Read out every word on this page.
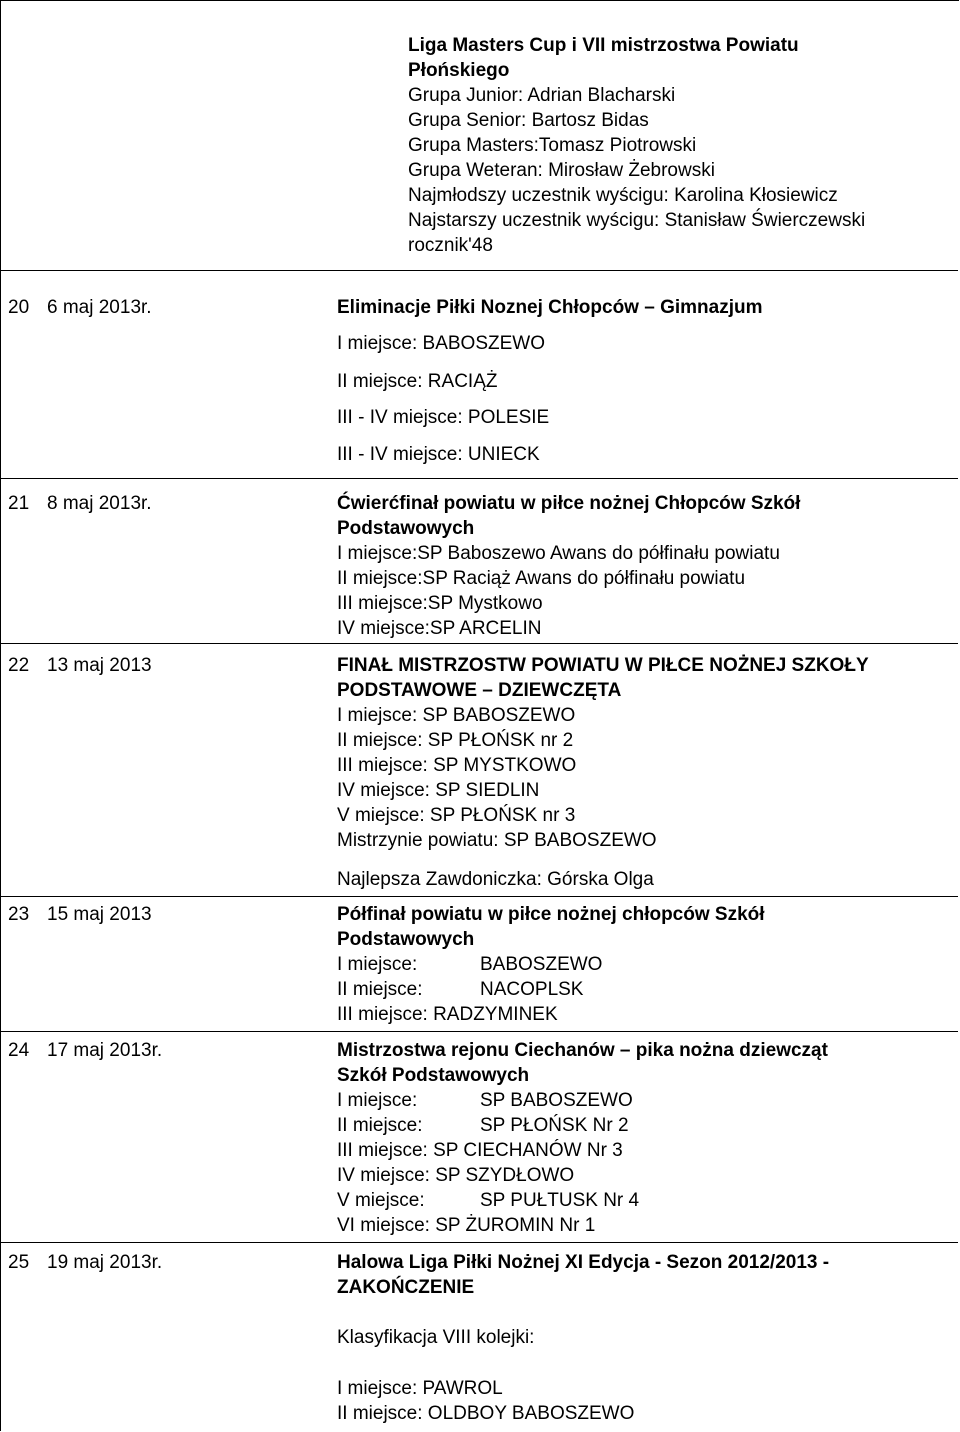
Liga Masters Cup i VII mistrzostwa Powiatu
Płońskiego
Grupa Junior: Adrian Blacharski
Grupa Senior: Bartosz Bidas
Grupa Masters:Tomasz Piotrowski
Grupa Weteran: Mirosław Żebrowski
Najmłodszy uczestnik wyścigu: Karolina Kłosiewicz
Najstarszy uczestnik wyścigu: Stanisław Świerczewski
rocznik'48
20 6 maj 2013r.	Eliminacje Piłki Noznej Chłopców – Gimnazjum
I miejsce: BABOSZEWO
II miejsce: RACIĄŻ
III - IV miejsce: POLESIE
III - IV miejsce: UNIECK
21 8 maj 2013r.	Ćwierćfinał powiatu w piłce nożnej Chłopców Szkół
Podstawowych
I miejsce:SP Baboszewo Awans do półfinału powiatu
II miejsce:SP Raciąż Awans do półfinału powiatu
III miejsce:SP Mystkowo
IV miejsce:SP ARCELIN
22 13 maj 2013	FINAŁ MISTRZOSTW POWIATU W PIŁCE NOŻNEJ SZKOŁY
PODSTAWOWE – DZIEWCZĘTA
I miejsce: SP BABOSZEWO
II miejsce: SP PŁOŃSK nr 2
III miejsce: SP MYSTKOWO
IV miejsce: SP SIEDLIN
V miejsce: SP PŁOŃSK nr 3
Mistrzynie powiatu: SP BABOSZEWO
Najlepsza Zawdoniczka: Górska Olga
23 15 maj 2013	Półfinał powiatu w piłce nożnej chłopców Szkół
Podstawowych
I miejsce:	BABOSZEWO
II miejsce:	NACOPLSK
III miejsce: RADZYMINEK
24 17 maj 2013r.	Mistrzostwa rejonu Ciechanów – pika nożna dziewcząt
Szkół Podstawowych
I miejsce:	SP BABOSZEWO
II miejsce:	SP PŁOŃSK Nr 2
III miejsce: SP CIECHANÓW Nr 3
IV miejsce: SP SZYDŁOWO
V miejsce:	SP PUŁTUSK Nr 4
VI miejsce: SP ŻUROMIN Nr 1
25 19 maj 2013r.	Halowa Liga Piłki Nożnej XI Edycja - Sezon 2012/2013 -
ZAKOŃCZENIE
Klasyfikacja VIII kolejki:
I miejsce: PAWROL
II miejsce: OLDBOY BABOSZEWO
